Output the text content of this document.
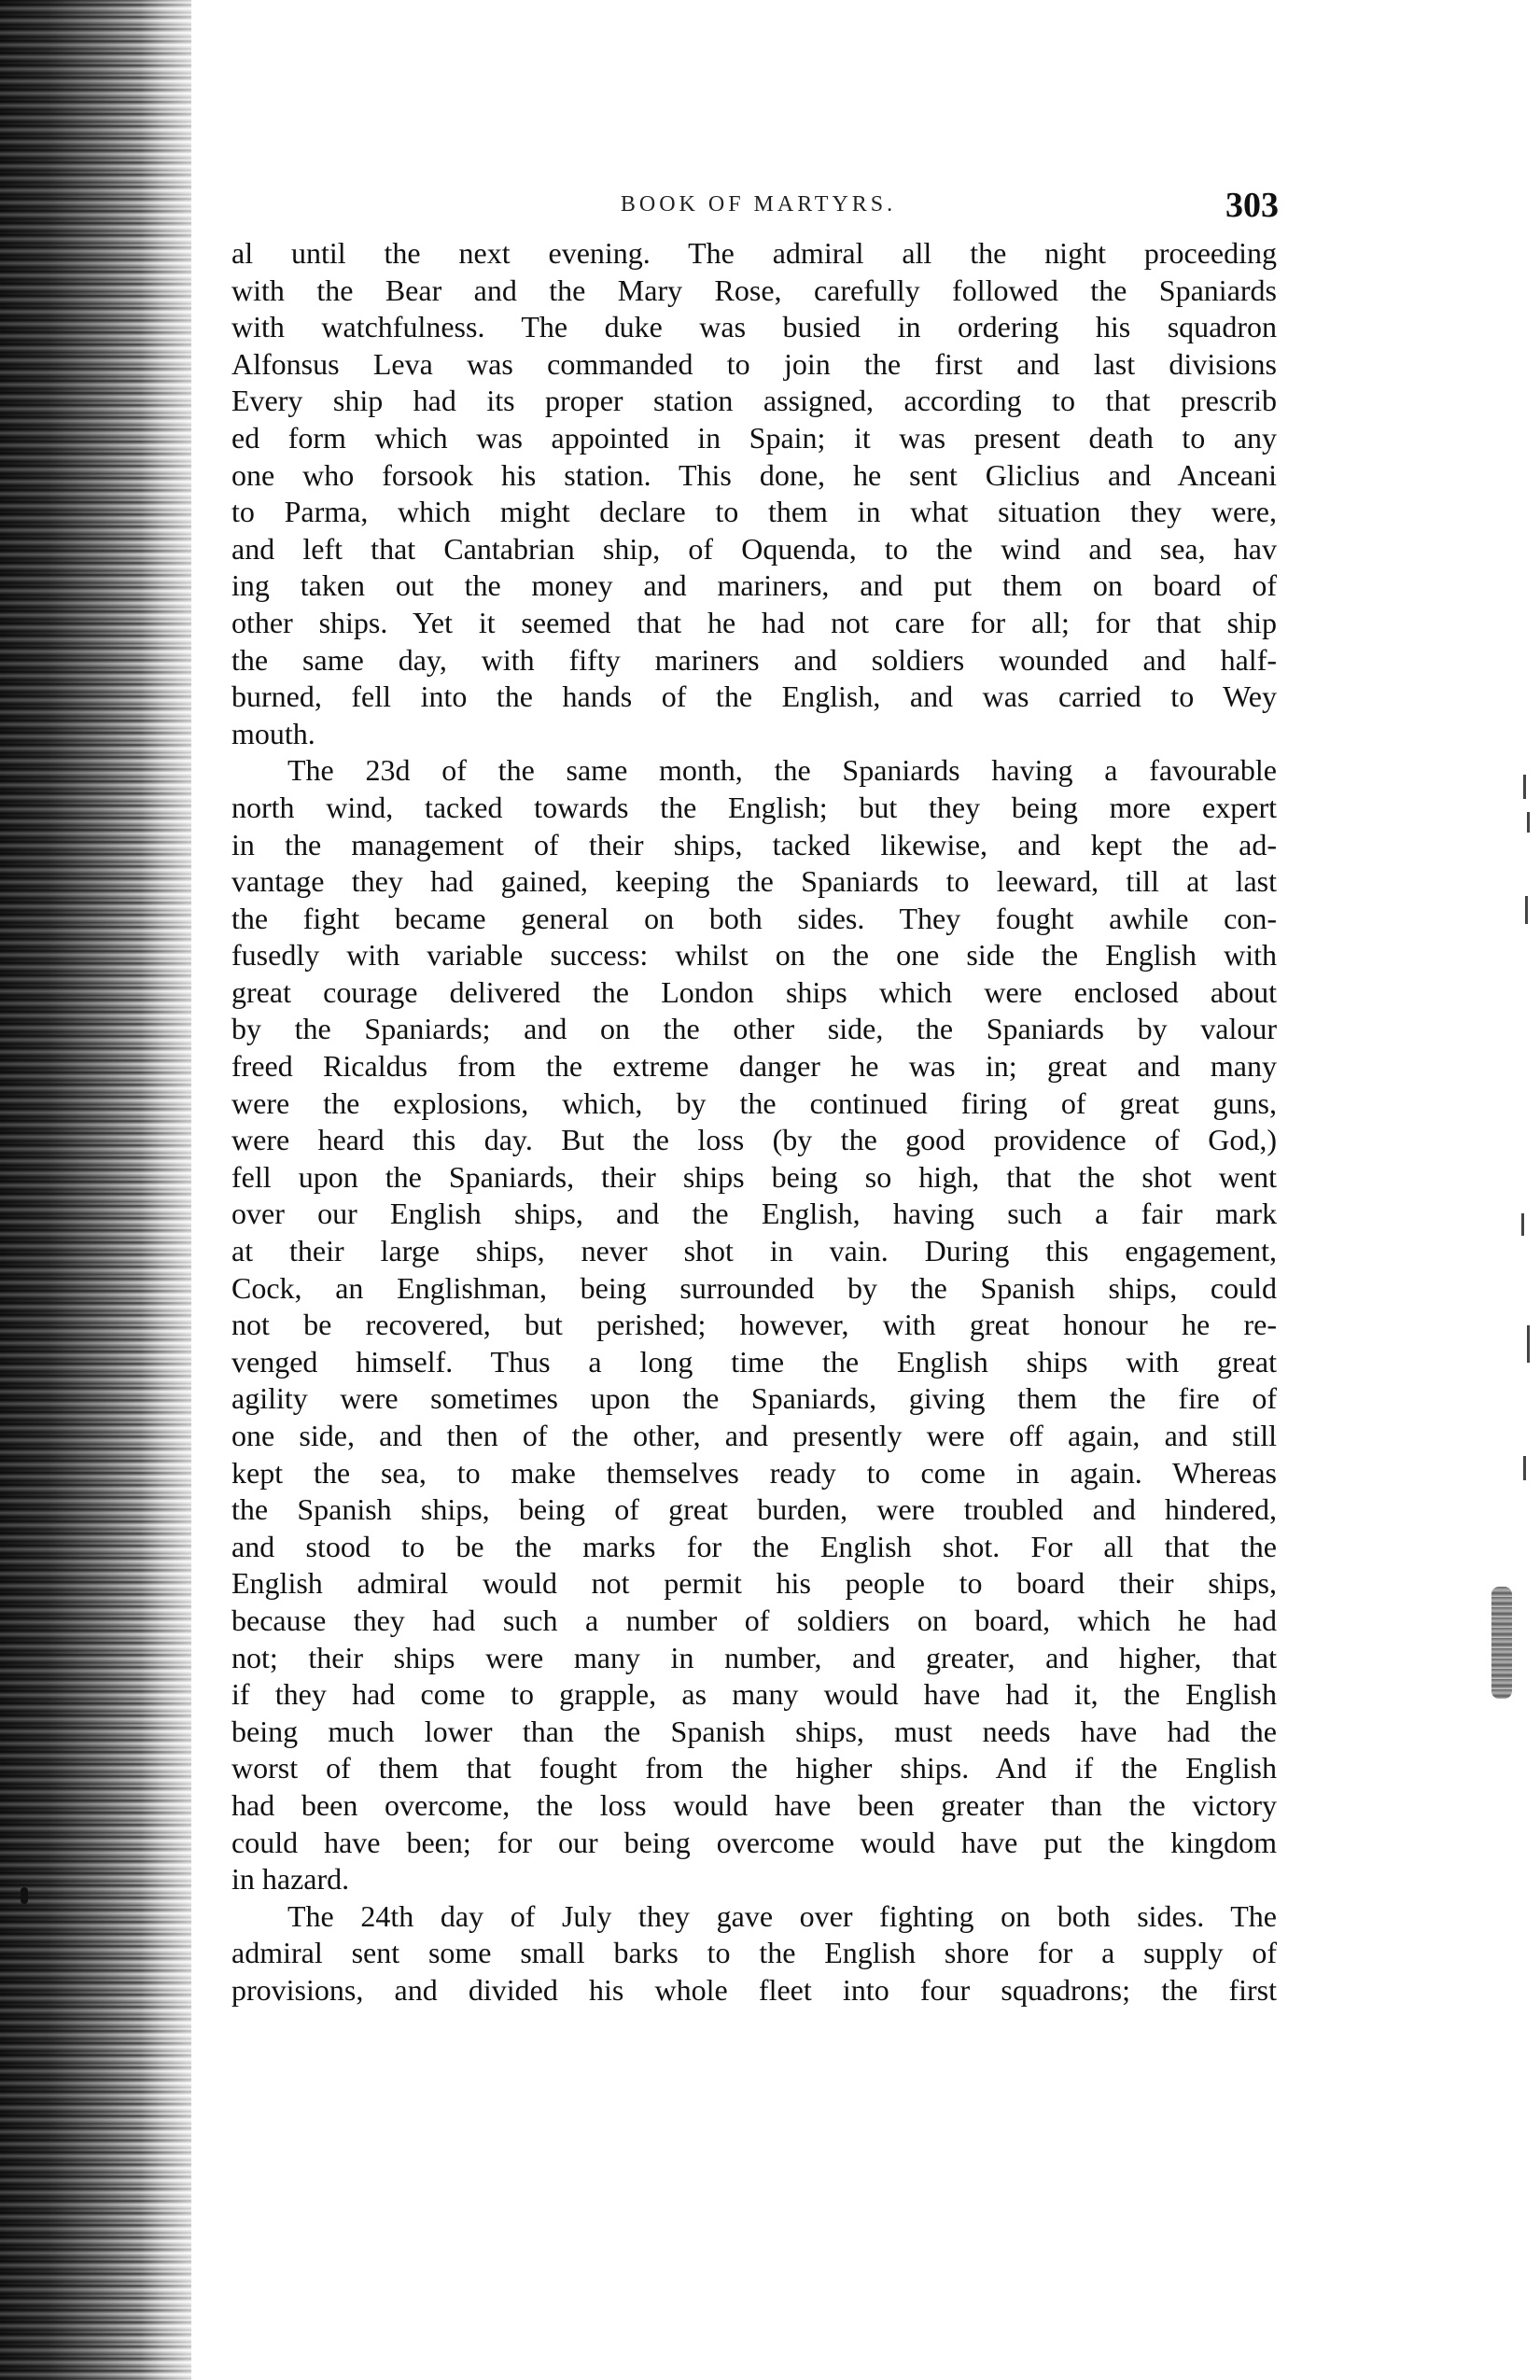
BOOK OF MARTYRS.	303
al until the next evening. The admiral all the night proceeding
with the Bear and the Mary Rose, carefully followed the Spaniards
with watchfulness. The duke was busied in ordering his squadron
Alfonsus Leva was commanded to join the first and last divisions
Every ship had its proper station assigned, according to that prescrib
ed form which was appointed in Spain; it was present death to any
one who forsook his station. This done, he sent Gliclius and Anceani
to Parma, which might declare to them in what situation they were,
and left that Cantabrian ship, of Oquenda, to the wind and sea, hav
ing taken out the money and mariners, and put them on board of
other ships. Yet it seemed that he had not care for all; for that ship
the same day, with fifty mariners and soldiers wounded and half-
burned, fell into the hands of the English, and was carried to Wey
mouth.
The 23d of the same month, the Spaniards having a favourable
north wind, tacked towards the English; but they being more expert
in the management of their ships, tacked likewise, and kept the ad-
vantage they had gained, keeping the Spaniards to leeward, till at last
the fight became general on both sides. They fought awhile con-
fusedly with variable success: whilst on the one side the English with
great courage delivered the London ships which were enclosed about
by the Spaniards; and on the other side, the Spaniards by valour
freed Ricaldus from the extreme danger he was in; great and many
were the explosions, which, by the continued firing of great guns,
were heard this day. But the loss (by the good providence of God,)
fell upon the Spaniards, their ships being so high, that the shot went
over our English ships, and the English, having such a fair mark
at their large ships, never shot in vain. During this engagement,
Cock, an Englishman, being surrounded by the Spanish ships, could
not be recovered, but perished; however, with great honour he re-
venged himself. Thus a long time the English ships with great
agility were sometimes upon the Spaniards, giving them the fire of
one side, and then of the other, and presently were off again, and still
kept the sea, to make themselves ready to come in again. Whereas
the Spanish ships, being of great burden, were troubled and hindered,
and stood to be the marks for the English shot. For all that the
English admiral would not permit his people to board their ships,
because they had such a number of soldiers on board, which he had
not; their ships were many in number, and greater, and higher, that
if they had come to grapple, as many would have had it, the English
being much lower than the Spanish ships, must needs have had the
worst of them that fought from the higher ships. And if the English
had been overcome, the loss would have been greater than the victory
could have been; for our being overcome would have put the kingdom
in hazard.
The 24th day of July they gave over fighting on both sides. The
admiral sent some small barks to the English shore for a supply of
provisions, and divided his whole fleet into four squadrons; the first
